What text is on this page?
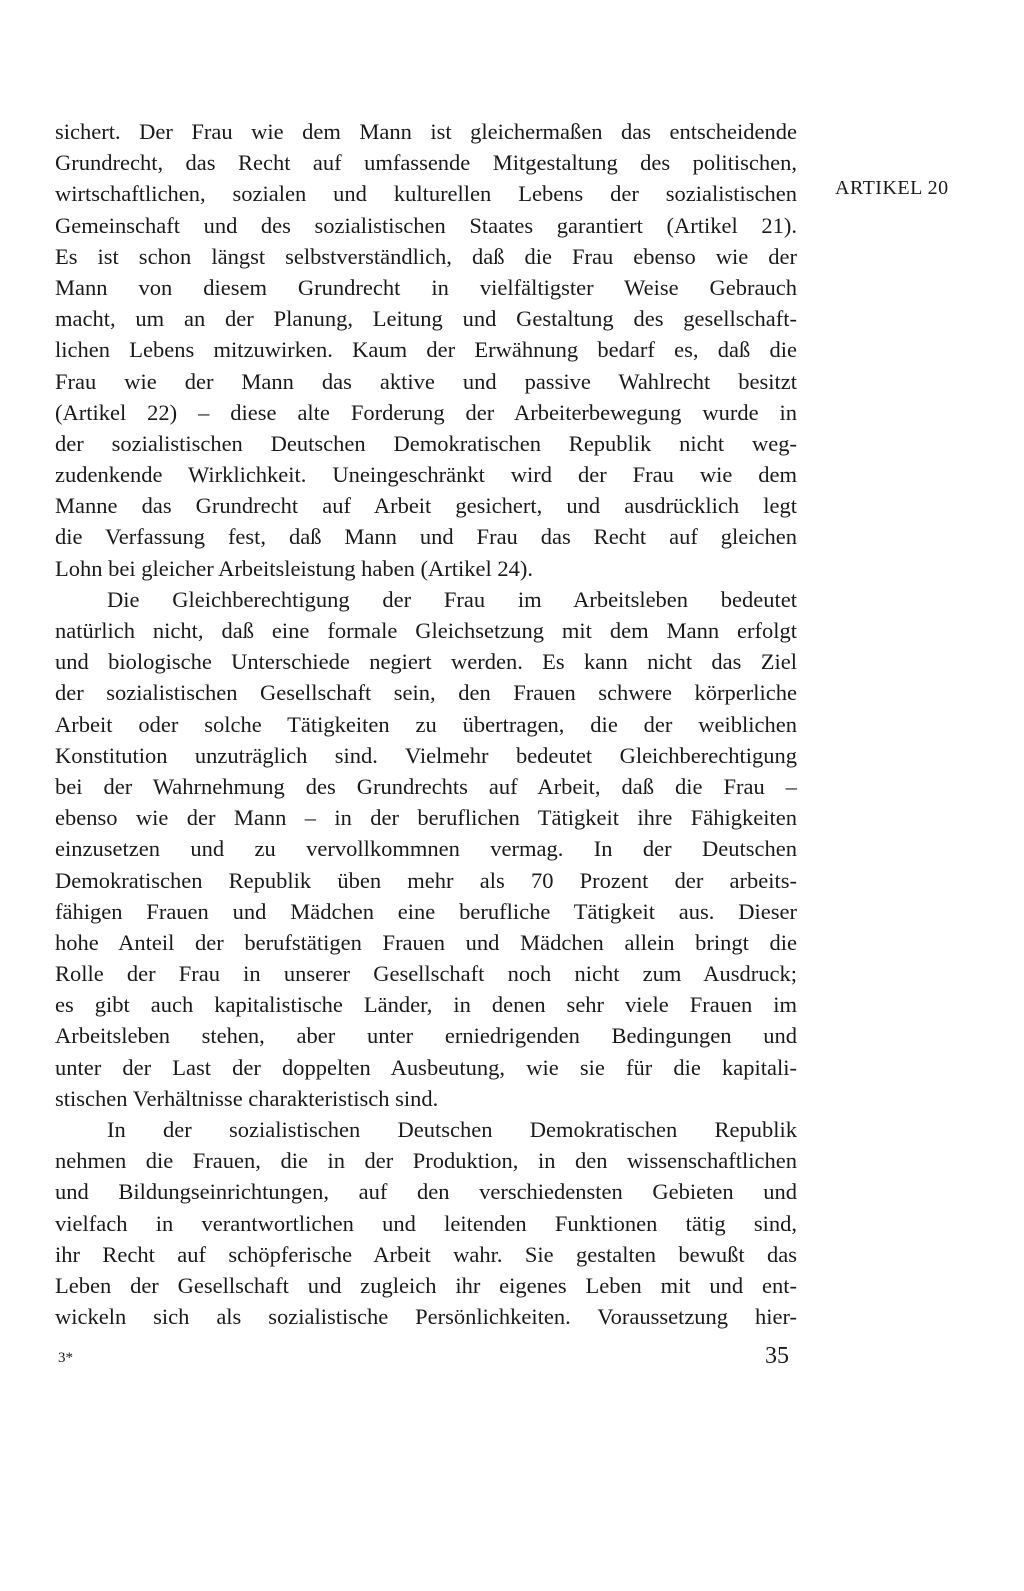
sichert. Der Frau wie dem Mann ist gleichermaßen das entscheidende
Grundrecht, das Recht auf umfassende Mitgestaltung des politischen,
wirtschaftlichen, sozialen und kulturellen Lebens der sozialistischen
Gemeinschaft und des sozialistischen Staates garantiert (Artikel 21).
Es ist schon längst selbstverständlich, daß die Frau ebenso wie der
Mann von diesem Grundrecht in vielfältigster Weise Gebrauch
macht, um an der Planung, Leitung und Gestaltung des gesellschaft-
lichen Lebens mitzuwirken. Kaum der Erwähnung bedarf es, daß die
Frau wie der Mann das aktive und passive Wahlrecht besitzt
(Artikel 22) – diese alte Forderung der Arbeiterbewegung wurde in
der sozialistischen Deutschen Demokratischen Republik nicht weg-
zudenkende Wirklichkeit. Uneingeschränkt wird der Frau wie dem
Manne das Grundrecht auf Arbeit gesichert, und ausdrücklich legt
die Verfassung fest, daß Mann und Frau das Recht auf gleichen
Lohn bei gleicher Arbeitsleistung haben (Artikel 24).
Die Gleichberechtigung der Frau im Arbeitsleben bedeutet
natürlich nicht, daß eine formale Gleichsetzung mit dem Mann erfolgt
und biologische Unterschiede negiert werden. Es kann nicht das Ziel
der sozialistischen Gesellschaft sein, den Frauen schwere körperliche
Arbeit oder solche Tätigkeiten zu übertragen, die der weiblichen
Konstitution unzuträglich sind. Vielmehr bedeutet Gleichberechtigung
bei der Wahrnehmung des Grundrechts auf Arbeit, daß die Frau –
ebenso wie der Mann – in der beruflichen Tätigkeit ihre Fähigkeiten
einzusetzen und zu vervollkommnen vermag. In der Deutschen
Demokratischen Republik üben mehr als 70 Prozent der arbeits-
fähigen Frauen und Mädchen eine berufliche Tätigkeit aus. Dieser
hohe Anteil der berufstätigen Frauen und Mädchen allein bringt die
Rolle der Frau in unserer Gesellschaft noch nicht zum Ausdruck;
es gibt auch kapitalistische Länder, in denen sehr viele Frauen im
Arbeitsleben stehen, aber unter erniedrigenden Bedingungen und
unter der Last der doppelten Ausbeutung, wie sie für die kapitali-
stischen Verhältnisse charakteristisch sind.
In der sozialistischen Deutschen Demokratischen Republik
nehmen die Frauen, die in der Produktion, in den wissenschaftlichen
und Bildungseinrichtungen, auf den verschiedensten Gebieten und
vielfach in verantwortlichen und leitenden Funktionen tätig sind,
ihr Recht auf schöpferische Arbeit wahr. Sie gestalten bewußt das
Leben der Gesellschaft und zugleich ihr eigenes Leben mit und ent-
wickeln sich als sozialistische Persönlichkeiten. Voraussetzung hier-
ARTIKEL 20
3*	35
